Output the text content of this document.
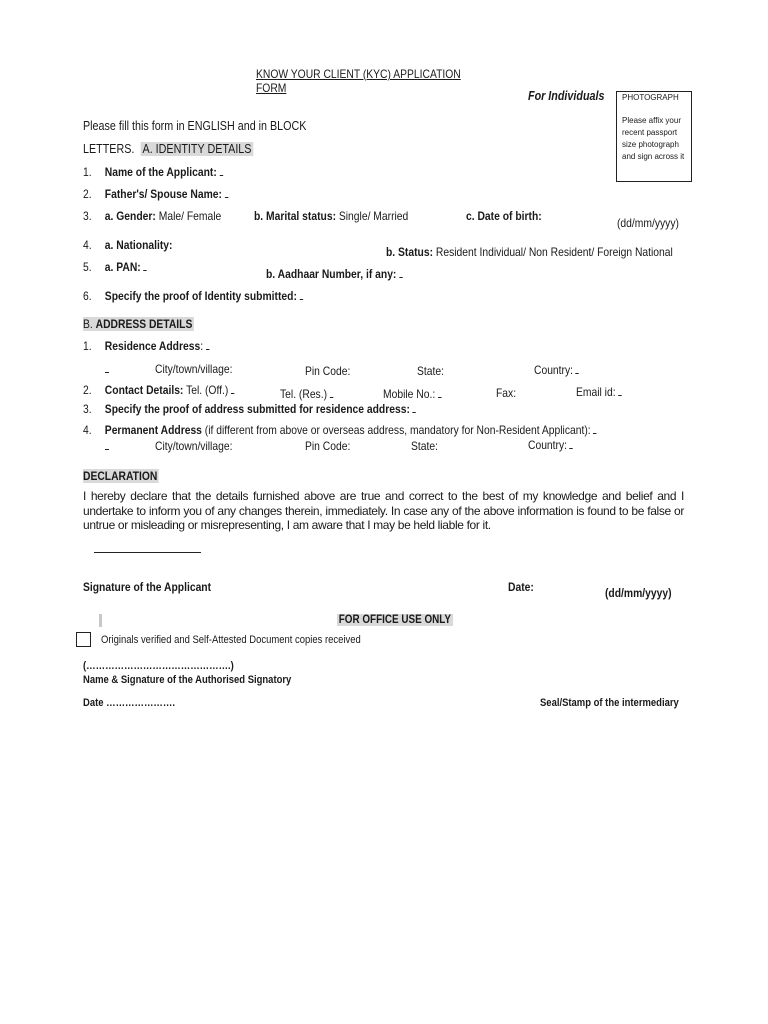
KNOW YOUR CLIENT (KYC) APPLICATION
FORM
For Individuals PHOTOGRAPH
Please affix your
recent passport
size photograph
and sign across it
Please fill this form in ENGLISH and in BLOCK
LETTERS. A. IDENTITY DETAILS
1. Name of the Applicant:
2. Father's/ Spouse Name:
3. a. Gender: Male/ Female	b. Marital status: Single/ Married	c. Date of birth:	(dd/mm/yyyy)
4. a. Nationality:	b. Status: Resident Individual/ Non Resident/ Foreign National
5. a. PAN:	b. Aadhaar Number, if any:
6. Specify the proof of Identity submitted:
B. ADDRESS DETAILS
1. Residence Address:
City/town/village:	Pin Code:	State:	Country:
2. Contact Details: Tel. (Off.)	Tel. (Res.)	Mobile No.:	Fax:	Email id:
3. Specify the proof of address submitted for residence address:
4. Permanent Address (if different from above or overseas address, mandatory for Non-Resident Applicant):
City/town/village:	Pin Code:	State:	Country:
DECLARATION
I hereby declare that the details furnished above are true and correct to the best of my knowledge and belief and I undertake to inform you of any changes therein, immediately. In case any of the above information is found to be false or untrue or misleading or misrepresenting, I am aware that I may be held liable for it.
Signature of the Applicant	Date:	(dd/mm/yyyy)
FOR OFFICE USE ONLY
Originals verified and Self-Attested Document copies received
(……………………………………….)
Name & Signature of the Authorised Signatory
Date ………………….	Seal/Stamp of the intermediary
